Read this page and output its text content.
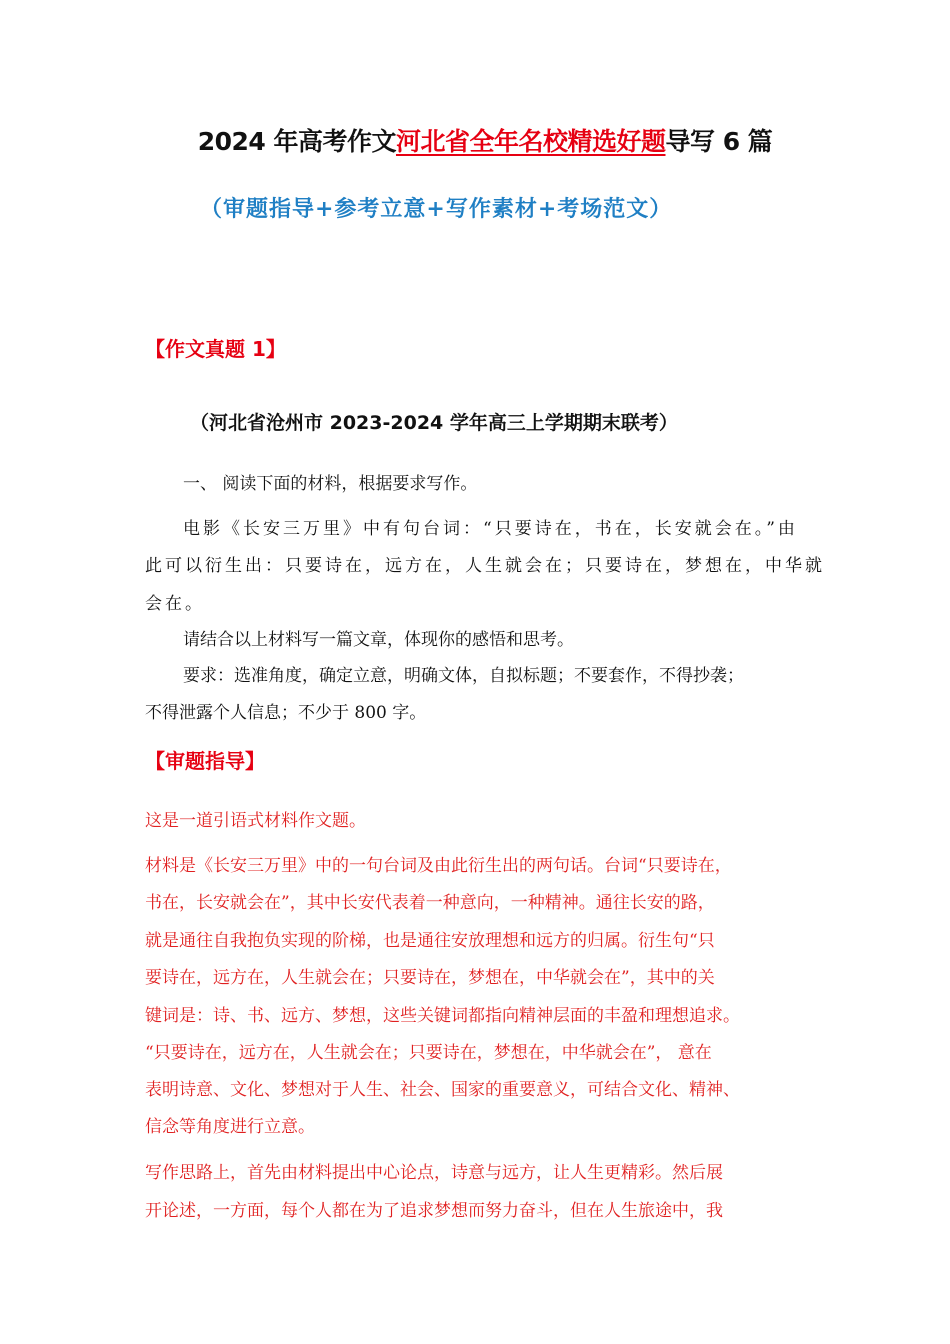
2024 年高考作文河北省全年名校精选好题导写 6 篇
（审题指导+参考立意+写作素材+考场范文）
【作文真题 1】
（河北省沧州市 2023-2024 学年高三上学期期末联考）
一、 阅读下面的材料，根据要求写作。
电影《长安三万里》中有句台词：“只要诗在，书在，长安就会在。”由
此可以衍生出：只要诗在，远方在，人生就会在；只要诗在，梦想在，中华就
会在。
请结合以上材料写一篇文章，体现你的感悟和思考。
要求：选准角度，确定立意，明确文体，自拟标题；不要套作，不得抄袭；
不得泄露个人信息；不少于 800 字。
【审题指导】
这是一道引语式材料作文题。
材料是《长安三万里》中的一句台词及由此衍生出的两句话。台词“只要诗在，
书在，长安就会在”，其中长安代表着一种意向，一种精神。通往长安的路，
就是通往自我抱负实现的阶梯，也是通往安放理想和远方的归属。衍生句“只
要诗在，远方在，人生就会在；只要诗在，梦想在，中华就会在”，其中的关
键词是：诗、书、远方、梦想，这些关键词都指向精神层面的丰盈和理想追求。
“只要诗在，远方在，人生就会在；只要诗在，梦想在，中华就会在”， 意在
表明诗意、文化、梦想对于人生、社会、国家的重要意义，可结合文化、精神、
信念等角度进行立意。
写作思路上，首先由材料提出中心论点，诗意与远方，让人生更精彩。然后展
开论述，一方面，每个人都在为了追求梦想而努力奋斗，但在人生旅途中，我
